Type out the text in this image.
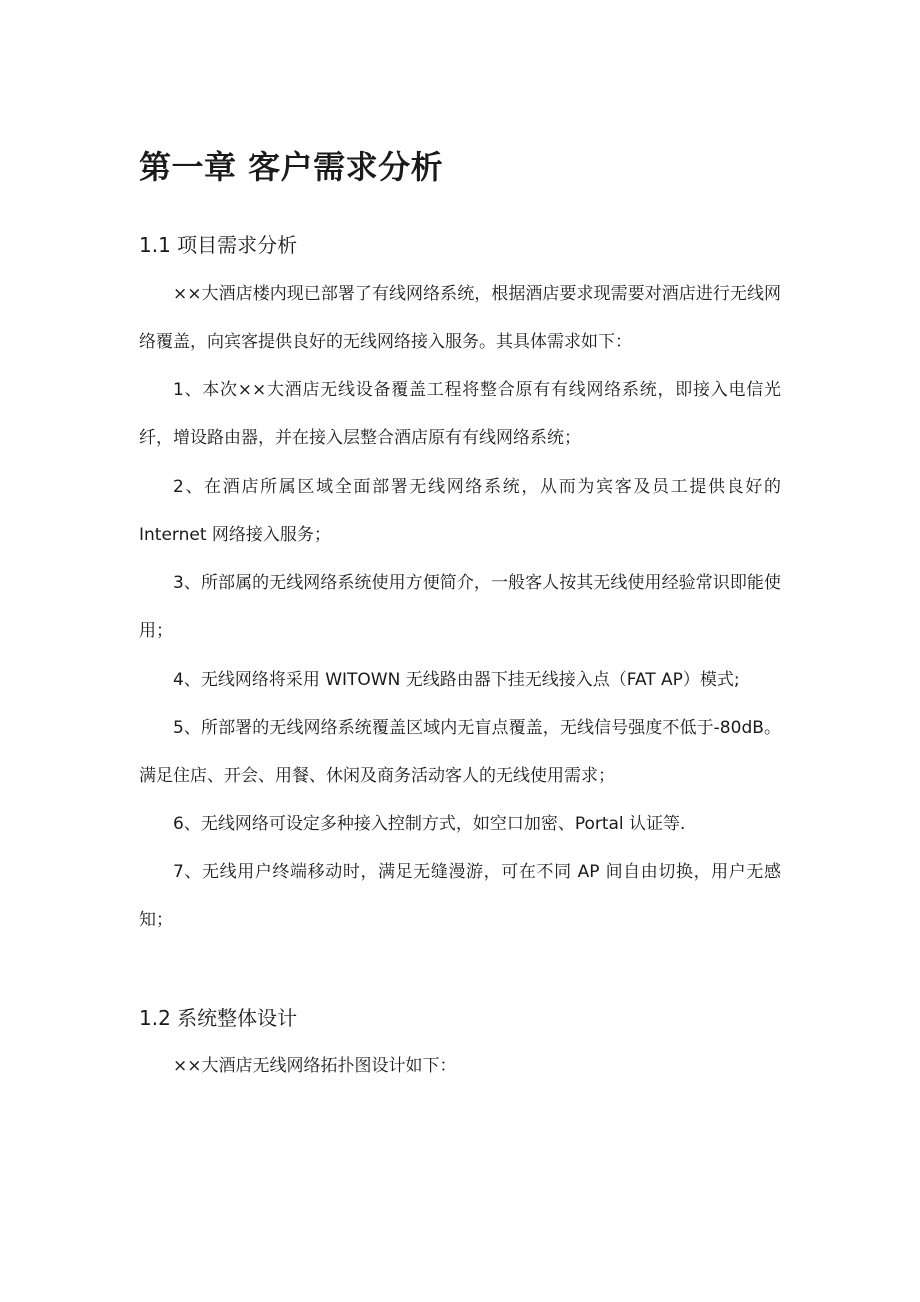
第一章 客户需求分析
1.1 项目需求分析

××大酒店楼内现已部署了有线网络系统，根据酒店要求现需要对酒店进行无线网络覆盖，向宾客提供良好的无线网络接入服务。其具体需求如下：

1、本次××大酒店无线设备覆盖工程将整合原有有线网络系统，即接入电信光纤，增设路由器，并在接入层整合酒店原有有线网络系统；

2、在酒店所属区域全面部署无线网络系统，从而为宾客及员工提供良好的Internet 网络接入服务；

3、所部属的无线网络系统使用方便简介，一般客人按其无线使用经验常识即能使用；

4、无线网络将采用 WITOWN 无线路由器下挂无线接入点（FAT AP）模式;

5、所部署的无线网络系统覆盖区域内无盲点覆盖，无线信号强度不低于-80dB。满足住店、开会、用餐、休闲及商务活动客人的无线使用需求；

6、无线网络可设定多种接入控制方式，如空口加密、Portal 认证等.

7、无线用户终端移动时，满足无缝漫游，可在不同 AP 间自由切换，用户无感知；

1.2 系统整体设计

××大酒店无线网络拓扑图设计如下：
